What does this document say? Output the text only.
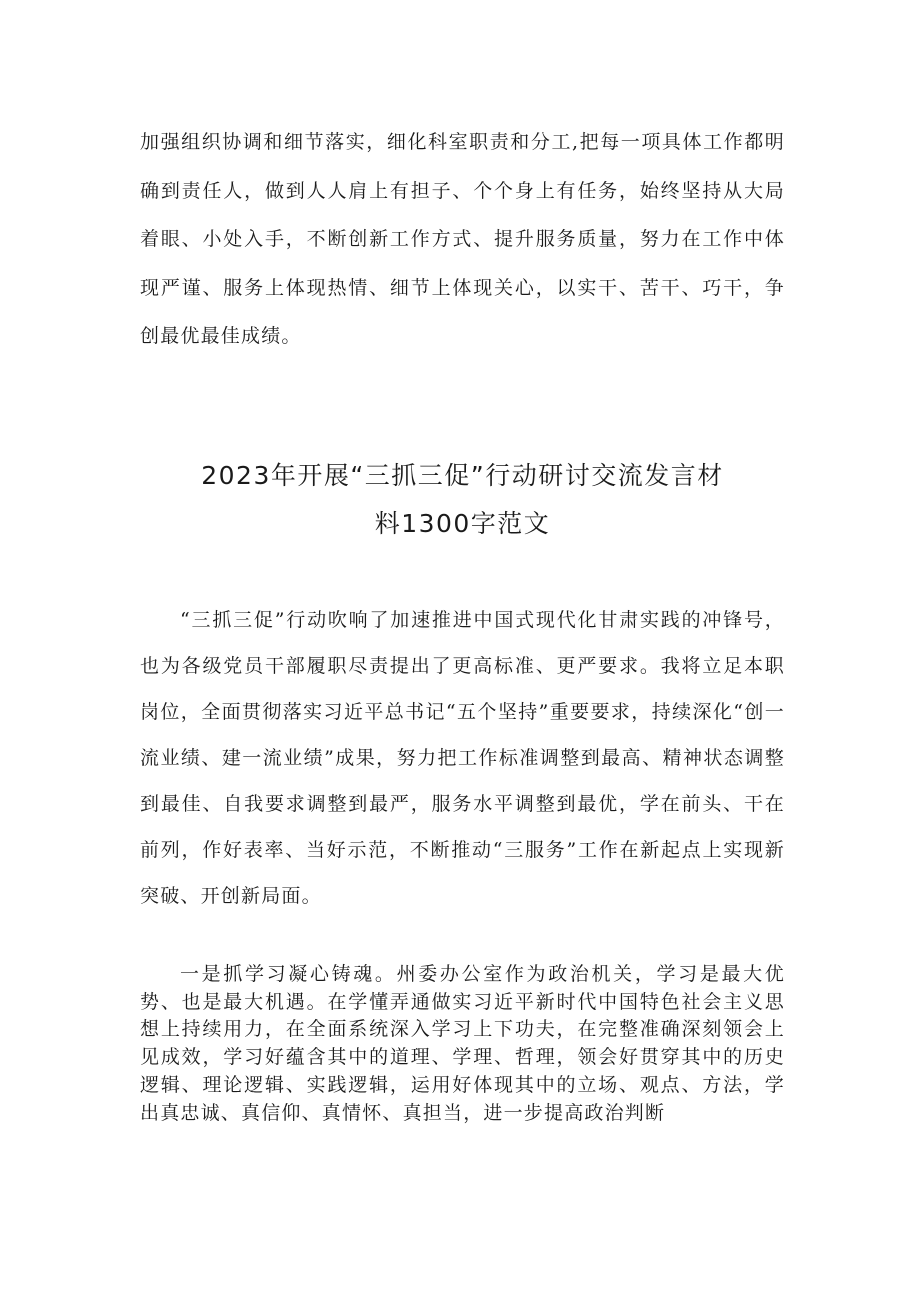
加强组织协调和细节落实，细化科室职责和分工,把每一项具体工作都明确到责任人，做到人人肩上有担子、个个身上有任务，始终坚持从大局着眼、小处入手，不断创新工作方式、提升服务质量，努力在工作中体现严谨、服务上体现热情、细节上体现关心，以实干、苦干、巧干，争创最优最佳成绩。

2023年开展“三抓三促”行动研讨交流发言材
料1300字范文

“三抓三促”行动吹响了加速推进中国式现代化甘肃实践的冲锋号，也为各级党员干部履职尽责提出了更高标准、更严要求。我将立足本职岗位，全面贯彻落实习近平总书记“五个坚持”重要要求，持续深化“创一流业绩、建一流业绩”成果，努力把工作标准调整到最高、精神状态调整到最佳、自我要求调整到最严，服务水平调整到最优，学在前头、干在前列，作好表率、当好示范，不断推动“三服务”工作在新起点上实现新突破、开创新局面。

一是抓学习凝心铸魂。州委办公室作为政治机关，学习是最大优势、也是最大机遇。在学懂弄通做实习近平新时代中国特色社会主义思想上持续用力，在全面系统深入学习上下功夫，在完整准确深刻领会上见成效，学习好蕴含其中的道理、学理、哲理，领会好贯穿其中的历史逻辑、理论逻辑、实践逻辑，运用好体现其中的立场、观点、方法，学出真忠诚、真信仰、真情怀、真担当，进一步提高政治判断
